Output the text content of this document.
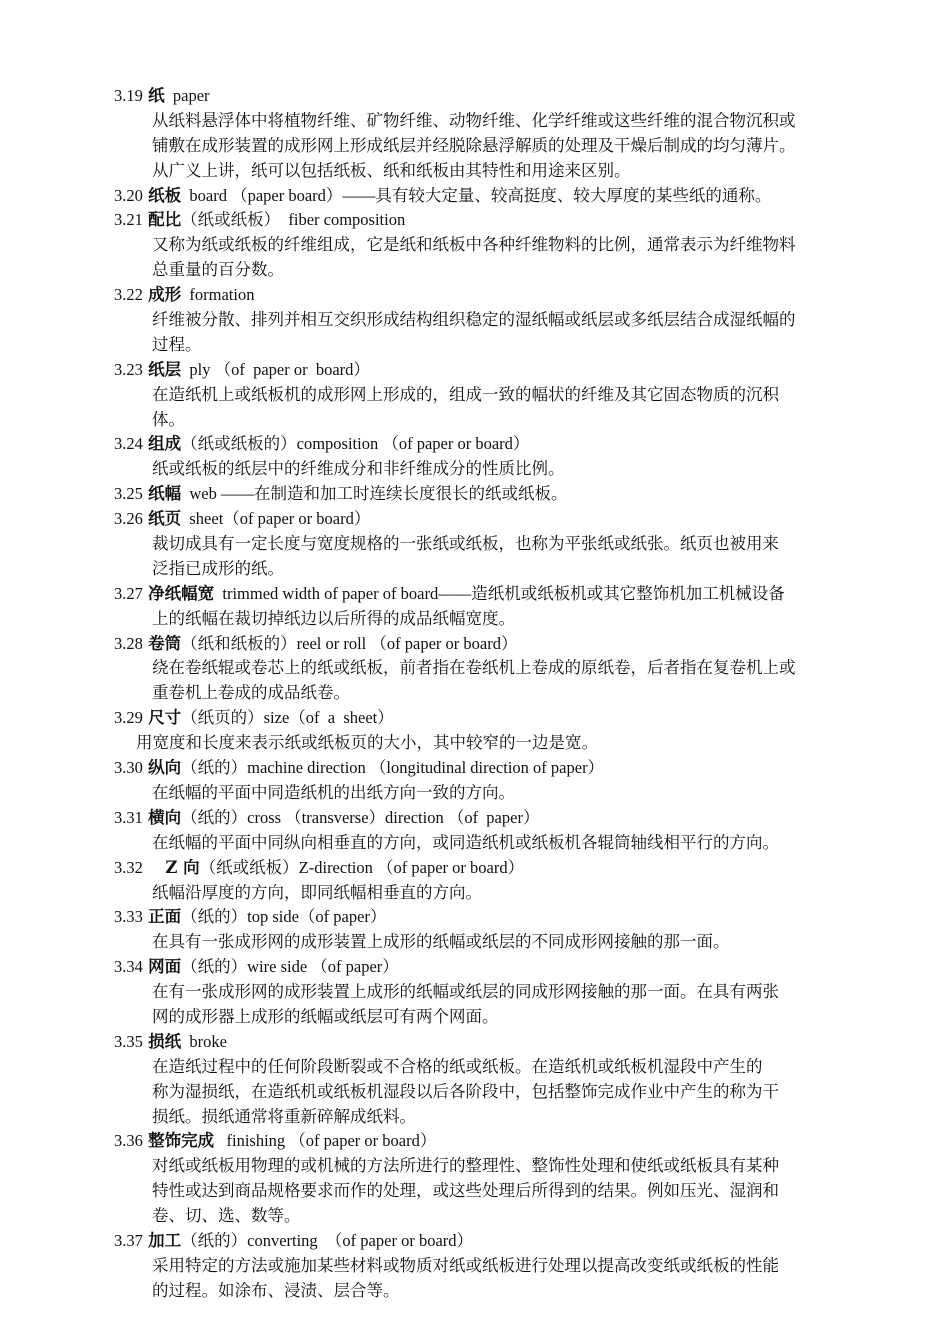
3.19 纸  paper
从纸料悬浮体中将植物纤维、矿物纤维、动物纤维、化学纤维或这些纤维的混合物沉积或
铺敷在成形装置的成形网上形成纸层并经脱除悬浮解质的处理及干燥后制成的均匀薄片。
从广义上讲，纸可以包括纸板、纸和纸板由其特性和用途来区别。
3.20 纸板  board （paper board）——具有较大定量、较高挺度、较大厚度的某些纸的通称。
3.21 配比（纸或纸板）  fiber composition
又称为纸或纸板的纤维组成，它是纸和纸板中各种纤维物料的比例，通常表示为纤维物料
总重量的百分数。
3.22 成形  formation
纤维被分散、排列并相互交织形成结构组织稳定的湿纸幅或纸层或多纸层结合成湿纸幅的
过程。
3.23 纸层  ply （of  paper or  board）
在造纸机上或纸板机的成形网上形成的，组成一致的幅状的纤维及其它固态物质的沉积
体。
3.24 组成（纸或纸板的）composition （of paper or board）
纸或纸板的纸层中的纤维成分和非纤维成分的性质比例。
3.25 纸幅  web ——在制造和加工时连续长度很长的纸或纸板。
3.26 纸页  sheet（of paper or board）
裁切成具有一定长度与宽度规格的一张纸或纸板，也称为平张纸或纸张。纸页也被用来
泛指已成形的纸。
3.27 净纸幅宽  trimmed width of paper of board——造纸机或纸板机或其它整饰机加工机械设备
上的纸幅在裁切掉纸边以后所得的成品纸幅宽度。
3.28 卷筒（纸和纸板的）reel or roll （of paper or board）
绕在卷纸辊或卷芯上的纸或纸板，前者指在卷纸机上卷成的原纸卷，后者指在复卷机上或
重卷机上卷成的成品纸卷。
3.29 尺寸（纸页的）size（of  a  sheet）
用宽度和长度来表示纸或纸板页的大小，其中较窄的一边是宽。
3.30 纵向（纸的）machine direction （longitudinal direction of paper）
在纸幅的平面中同造纸机的出纸方向一致的方向。
3.31 横向（纸的）cross （transverse）direction （of  paper）
在纸幅的平面中同纵向相垂直的方向，或同造纸机或纸板机各辊筒轴线相平行的方向。
3.32    Z 向（纸或纸板）Z-direction （of paper or board）
纸幅沿厚度的方向，即同纸幅相垂直的方向。
3.33 正面（纸的）top side（of paper）
在具有一张成形网的成形装置上成形的纸幅或纸层的不同成形网接触的那一面。
3.34 网面（纸的）wire side （of paper）
在有一张成形网的成形装置上成形的纸幅或纸层的同成形网接触的那一面。在具有两张
网的成形器上成形的纸幅或纸层可有两个网面。
3.35 损纸  broke
在造纸过程中的任何阶段断裂或不合格的纸或纸板。在造纸机或纸板机湿段中产生的
称为湿损纸，在造纸机或纸板机湿段以后各阶段中，包括整饰完成作业中产生的称为干
损纸。损纸通常将重新碎解成纸料。
3.36 整饰完成   finishing （of paper or board）
对纸或纸板用物理的或机械的方法所进行的整理性、整饰性处理和使纸或纸板具有某种
特性或达到商品规格要求而作的处理，或这些处理后所得到的结果。例如压光、湿润和
卷、切、选、数等。
3.37 加工（纸的）converting  （of paper or board）
采用特定的方法或施加某些材料或物质对纸或纸板进行处理以提高改变纸或纸板的性能
的过程。如涂布、浸渍、层合等。
